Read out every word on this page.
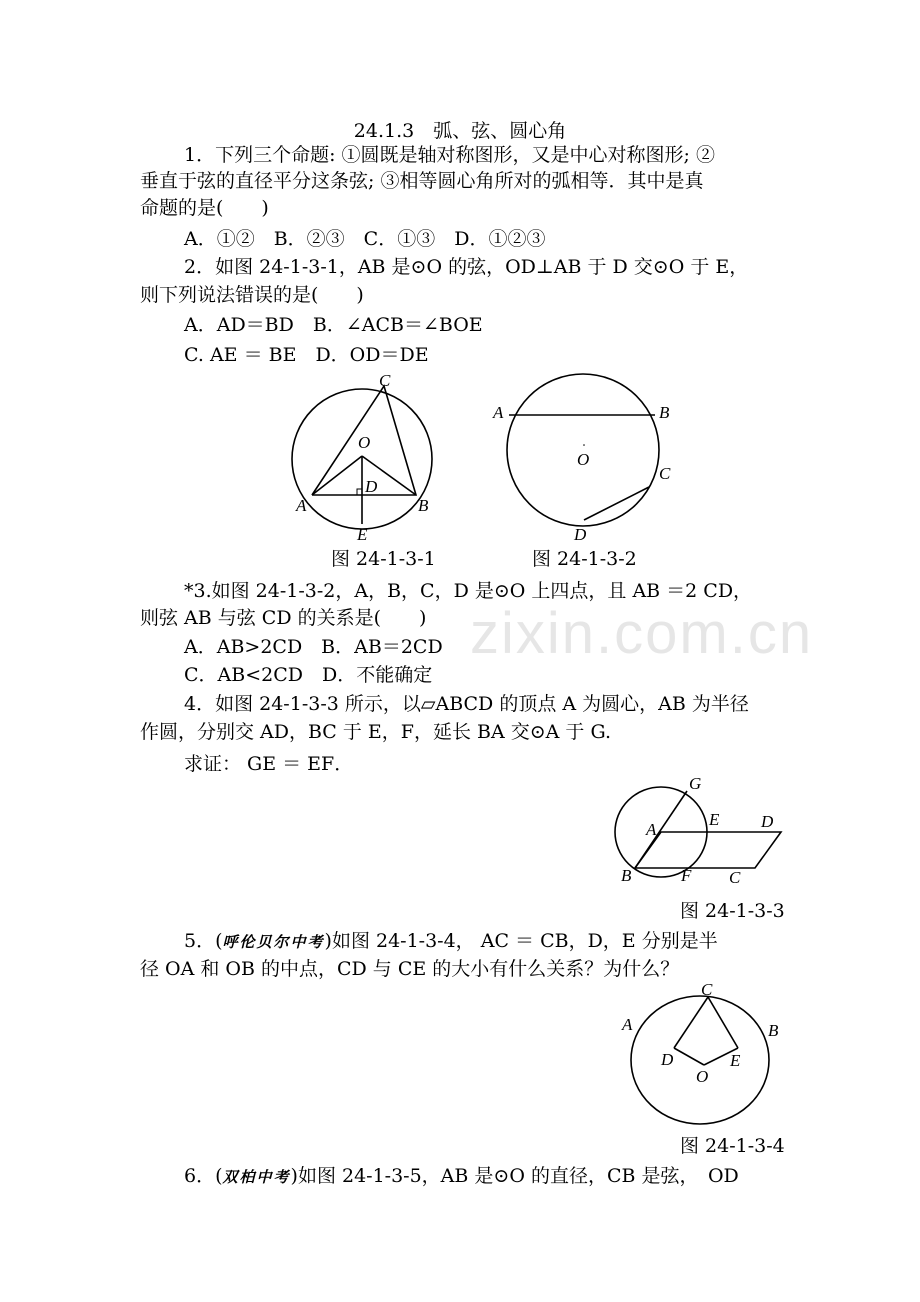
24.1.3　弧、弦、圆心角
1．下列三个命题: ①圆既是轴对称图形，又是中心对称图形; ②
垂直于弦的直径平分这条弦; ③相等圆心角所对的弧相等．其中是真
命题的是(　　)
A．①②　B．②③　C．①③　D．①②③
2．如图 24-1-3-1，AB 是⊙O 的弦，OD⊥AB 于 D 交⊙O 于 E，
则下列说法错误的是(　　)
A．AD＝BD　B．∠ACB＝∠BOE
C. AE ＝ BE　D．OD＝DE
A	B
C
O
D
E
图 24-1-3-1
A	B
C
D
O
图 24-1-3-2
zixin.com.cn
*3.如图 24-1-3-2，A，B，C，D 是⊙O 上四点，且 AB ＝2 CD，
则弦 AB 与弦 CD 的关系是(　　)
A．AB>2CD　B．AB＝2CD
C．AB<2CD　D．不能确定
4．如图 24-1-3-3 所示，以▱ABCD 的顶点 A 为圆心，AB 为半径
作圆，分别交 AD，BC 于 E，F，延长 BA 交⊙A 于 G.
求证： GE ＝ EF．
G
E D
A
B	F C
图 24-1-3-3
5．(呼伦贝尔中考)如图 24-1-3-4， AC ＝ CB，D，E 分别是半
径 OA 和 OB 的中点，CD 与 CE 的大小有什么关系？为什么？
C
A	B
D	E
O
图 24-1-3-4
6．(双柏中考)如图 24-1-3-5，AB 是⊙O 的直径，CB 是弦，　OD
